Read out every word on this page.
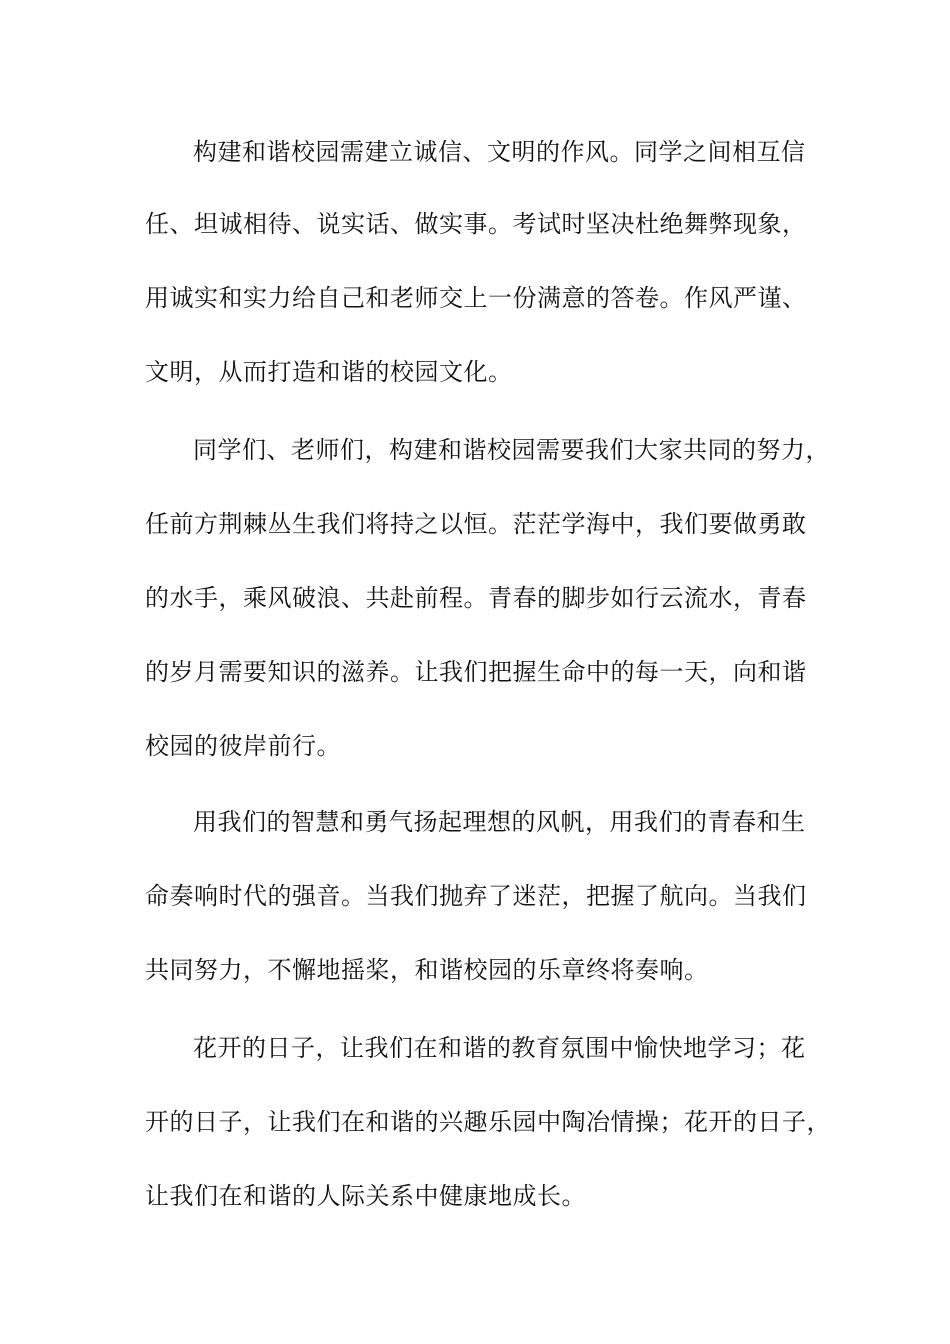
构建和谐校园需建立诚信、文明的作风。同学之间相互信
任、坦诚相待、说实话、做实事。考试时坚决杜绝舞弊现象，
用诚实和实力给自己和老师交上一份满意的答卷。作风严谨、
文明，从而打造和谐的校园文化。
同学们、老师们，构建和谐校园需要我们大家共同的努力，
任前方荆棘丛生我们将持之以恒。茫茫学海中，我们要做勇敢
的水手，乘风破浪、共赴前程。青春的脚步如行云流水，青春
的岁月需要知识的滋养。让我们把握生命中的每一天，向和谐
校园的彼岸前行。
用我们的智慧和勇气扬起理想的风帆，用我们的青春和生
命奏响时代的强音。当我们抛弃了迷茫，把握了航向。当我们
共同努力，不懈地摇桨，和谐校园的乐章终将奏响。
花开的日子，让我们在和谐的教育氛围中愉快地学习；花
开的日子，让我们在和谐的兴趣乐园中陶冶情操；花开的日子，
让我们在和谐的人际关系中健康地成长。
